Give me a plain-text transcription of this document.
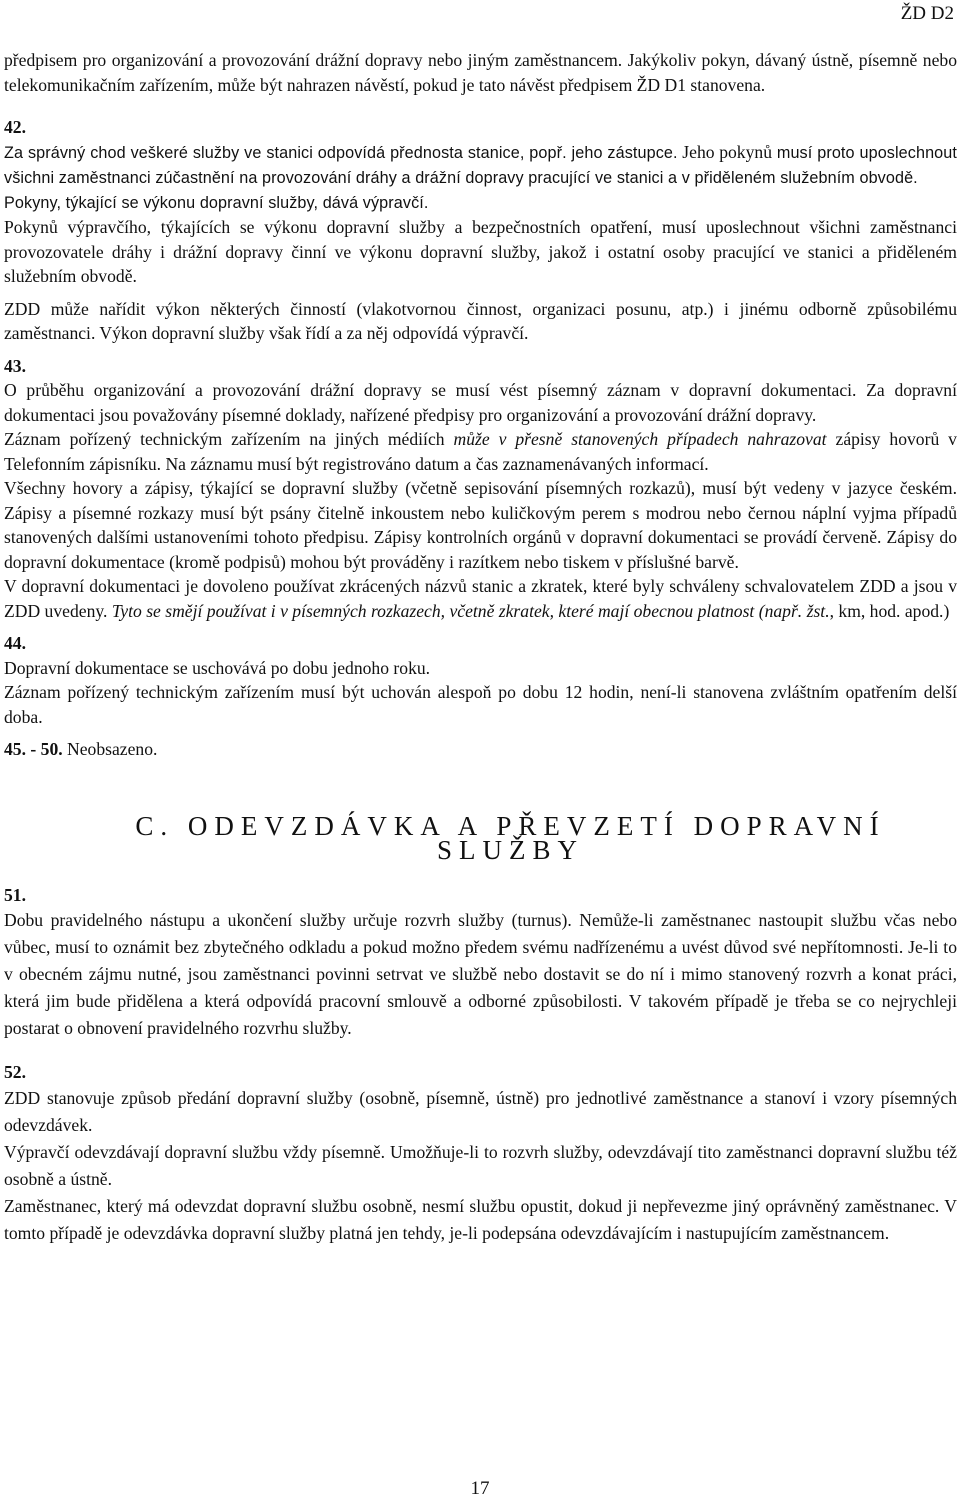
ŽD D2

předpisem pro organizování a provozování drážní dopravy nebo jiným zaměstnancem. Jakýkoliv pokyn, dávaný ústně, písemně nebo telekomunikačním zařízením, může být nahrazen návěstí, pokud je tato návěst předpisem ŽD D1 stanovena.

42.

Za správný chod veškeré služby ve stanici odpovídá přednosta stanice, popř. jeho zástupce. Jeho pokynů musí proto uposlechnout všichni zaměstnanci zúčastnění na provozování dráhy a drážní dopravy pracující ve stanici a v přiděleném služebním obvodě.

Pokyny, týkající se výkonu dopravní služby, dává výpravčí.

Pokynů výpravčího, týkajících se výkonu dopravní služby a bezpečnostních opatření, musí uposlechnout všichni zaměstnanci provozovatele dráhy i drážní dopravy činní ve výkonu dopravní služby, jakož i ostatní osoby pracující ve stanici a přiděleném služebním obvodě.

ZDD může nařídit výkon některých činností (vlakotvornou činnost, organizaci posunu, atp.) i jinému odborně způsobilému zaměstnanci. Výkon dopravní služby však řídí a za něj odpovídá výpravčí.

43.

O průběhu organizování a provozování drážní dopravy se musí vést písemný záznam v dopravní dokumentaci. Za dopravní dokumentaci jsou považovány písemné doklady, nařízené předpisy pro organizování a provozování drážní dopravy.

Záznam pořízený technickým zařízením na jiných médiích může v přesně stanovených případech nahrazovat zápisy hovorů v Telefonním zápisníku. Na záznamu musí být registrováno datum a čas zaznamenávaných informací.

Všechny hovory a zápisy, týkající se dopravní služby (včetně sepisování písemných rozkazů), musí být vedeny v jazyce českém. Zápisy a písemné rozkazy musí být psány čitelně inkoustem nebo kuličkovým perem s modrou nebo černou náplní vyjma případů stanovených dalšími ustanoveními tohoto předpisu. Zápisy kontrolních orgánů v dopravní dokumentaci se provádí červeně. Zápisy do dopravní dokumentace (kromě podpisů) mohou být prováděny i razítkem nebo tiskem v příslušné barvě.

V dopravní dokumentaci je dovoleno používat zkrácených názvů stanic a zkratek, které byly schváleny schvalovatelem ZDD a jsou v ZDD uvedeny. Tyto se smějí používat i v písemných rozkazech, včetně zkratek, které mají obecnou platnost (např. žst., km, hod. apod.)

44.

Dopravní dokumentace se uschovává po dobu jednoho roku.

Záznam pořízený technickým zařízením musí být uchován alespoň po dobu 12 hodin, není-li stanovena zvláštním opatřením delší doba.

45. - 50. Neobsazeno.

C. ODEVZDÁVKA A PŘEVZETÍ DOPRAVNÍ SLUŽBY

51.

Dobu pravidelného nástupu a ukončení služby určuje rozvrh služby (turnus). Nemůže-li zaměstnanec nastoupit službu včas nebo vůbec, musí to oznámit bez zbytečného odkladu a pokud možno předem svému nadřízenému a uvést důvod své nepřítomnosti. Je-li to v obecném zájmu nutné, jsou zaměstnanci povinni setrvat ve službě nebo dostavit se do ní i mimo stanovený rozvrh a konat práci, která jim bude přidělena a která odpovídá pracovní smlouvě a odborné způsobilosti. V takovém případě je třeba se co nejrychleji postarat o obnovení pravidelného rozvrhu služby.

52.

ZDD stanovuje způsob předání dopravní služby (osobně, písemně, ústně) pro jednotlivé zaměstnance a stanoví i vzory písemných odevzdávek.

Výpravčí odevzdávají dopravní službu vždy písemně. Umožňuje-li to rozvrh služby, odevzdávají tito zaměstnanci dopravní službu též osobně a ústně.

Zaměstnanec, který má odevzdat dopravní službu osobně, nesmí službu opustit, dokud ji nepřevezme jiný oprávněný zaměstnanec. V tomto případě je odevzdávka dopravní služby platná jen tehdy, je-li podepsána odevzdávajícím i nastupujícím zaměstnancem.

17
